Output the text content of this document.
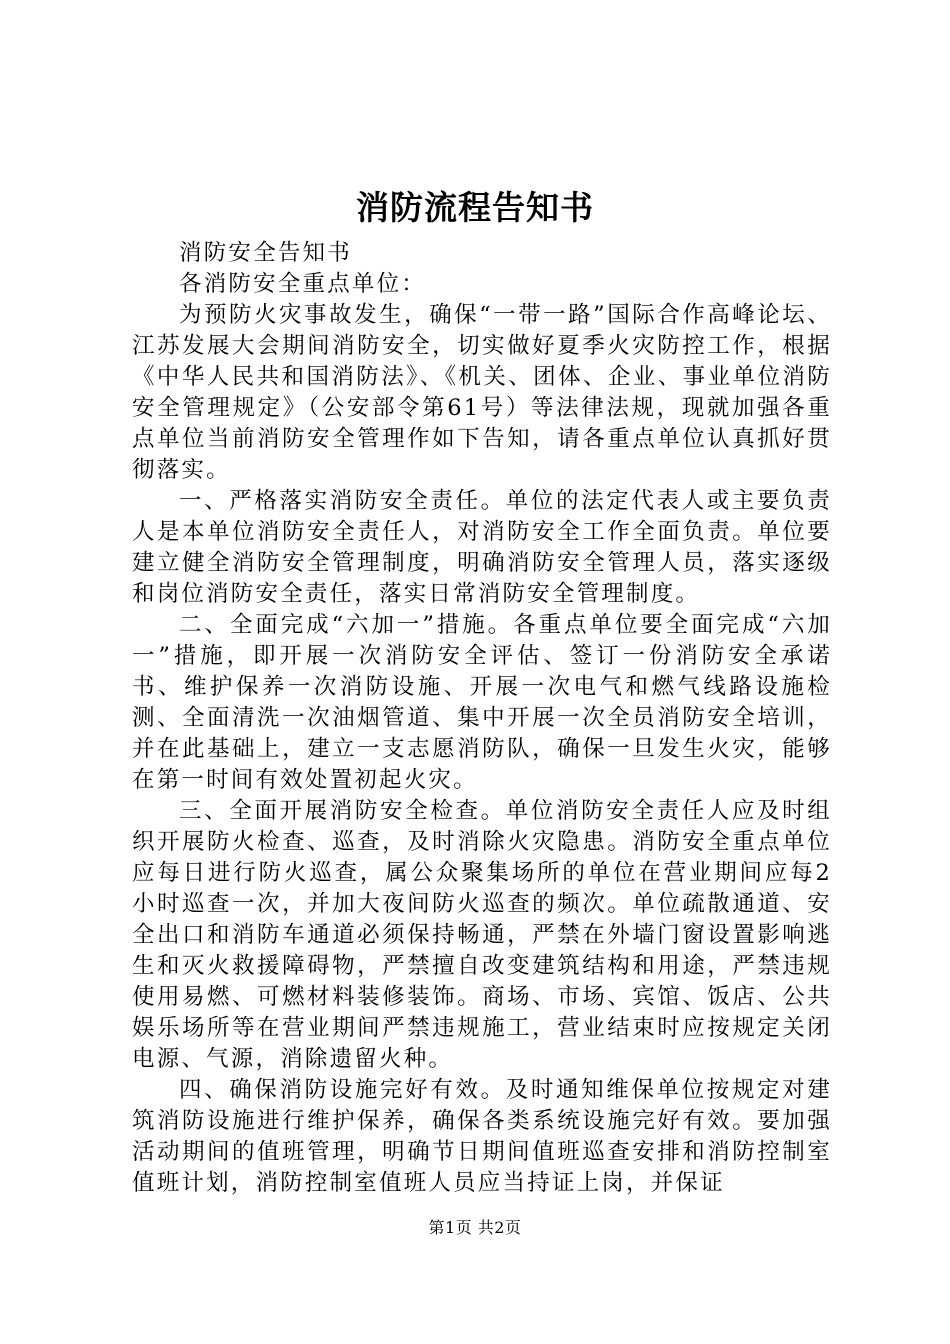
消防流程告知书

消防安全告知书

各消防安全重点单位：

为预防火灾事故发生，确保“一带一路”国际合作高峰论坛、江苏发展大会期间消防安全，切实做好夏季火灾防控工作，根据《中华人民共和国消防法》、《机关、团体、企业、事业单位消防安全管理规定》（公安部令第61号）等法律法规，现就加强各重点单位当前消防安全管理作如下告知，请各重点单位认真抓好贯彻落实。

一、严格落实消防安全责任。单位的法定代表人或主要负责人是本单位消防安全责任人，对消防安全工作全面负责。单位要建立健全消防安全管理制度，明确消防安全管理人员，落实逐级和岗位消防安全责任，落实日常消防安全管理制度。

二、全面完成“六加一”措施。各重点单位要全面完成“六加一”措施，即开展一次消防安全评估、签订一份消防安全承诺书、维护保养一次消防设施、开展一次电气和燃气线路设施检测、全面清洗一次油烟管道、集中开展一次全员消防安全培训，并在此基础上，建立一支志愿消防队，确保一旦发生火灾，能够在第一时间有效处置初起火灾。

三、全面开展消防安全检查。单位消防安全责任人应及时组织开展防火检查、巡查，及时消除火灾隐患。消防安全重点单位应每日进行防火巡查，属公众聚集场所的单位在营业期间应每2小时巡查一次，并加大夜间防火巡查的频次。单位疏散通道、安全出口和消防车通道必须保持畅通，严禁在外墙门窗设置影响逃生和灭火救援障碍物，严禁擅自改变建筑结构和用途，严禁违规使用易燃、可燃材料装修装饰。商场、市场、宾馆、饭店、公共娱乐场所等在营业期间严禁违规施工，营业结束时应按规定关闭电源、气源，消除遗留火种。

四、确保消防设施完好有效。及时通知维保单位按规定对建筑消防设施进行维护保养，确保各类系统设施完好有效。要加强活动期间的值班管理，明确节日期间值班巡查安排和消防控制室值班计划，消防控制室值班人员应当持证上岗，并保证

第1页 共2页
